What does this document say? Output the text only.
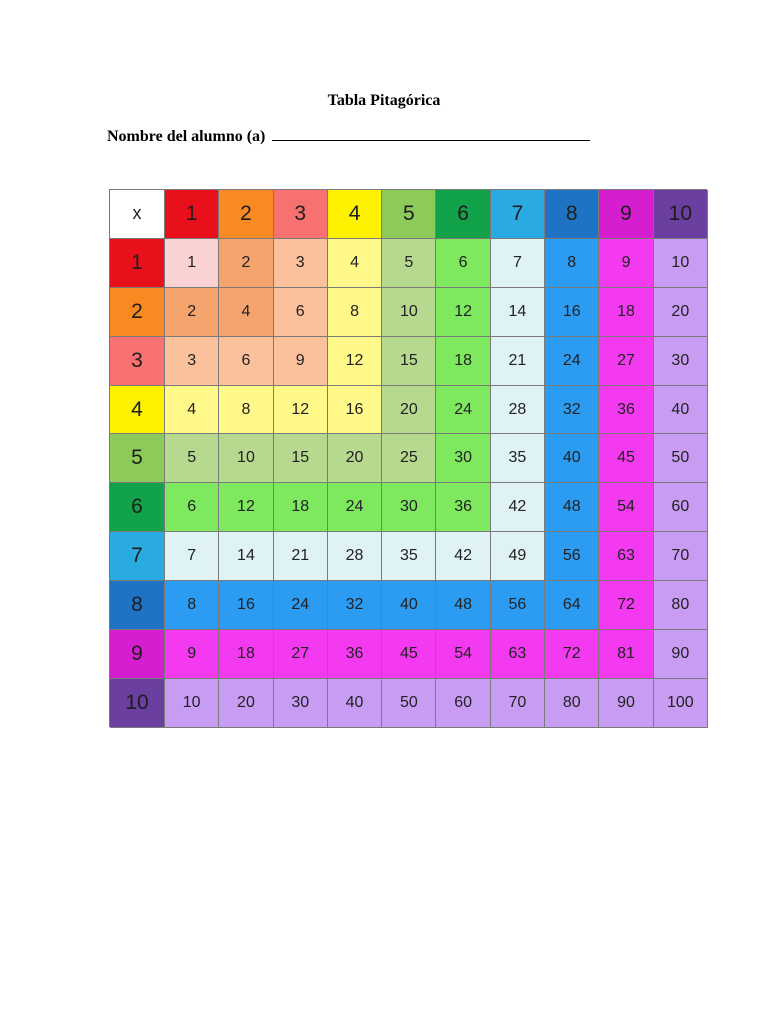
Tabla Pitagórica
Nombre del alumno (a)
x	1	2	3	4	5	6	7	8	9	10
1	1	2	3	4	5	6	7	8	9	10
2	2	4	6	8	10	12	14	16	18	20
3	3	6	9	12	15	18	21	24	27	30
4	4	8	12	16	20	24	28	32	36	40
5	5	10	15	20	25	30	35	40	45	50
6	6	12	18	24	30	36	42	48	54	60
7	7	14	21	28	35	42	49	56	63	70
8	8	16	24	32	40	48	56	64	72	80
9	9	18	27	36	45	54	63	72	81	90
10	10	20	30	40	50	60	70	80	90	100
